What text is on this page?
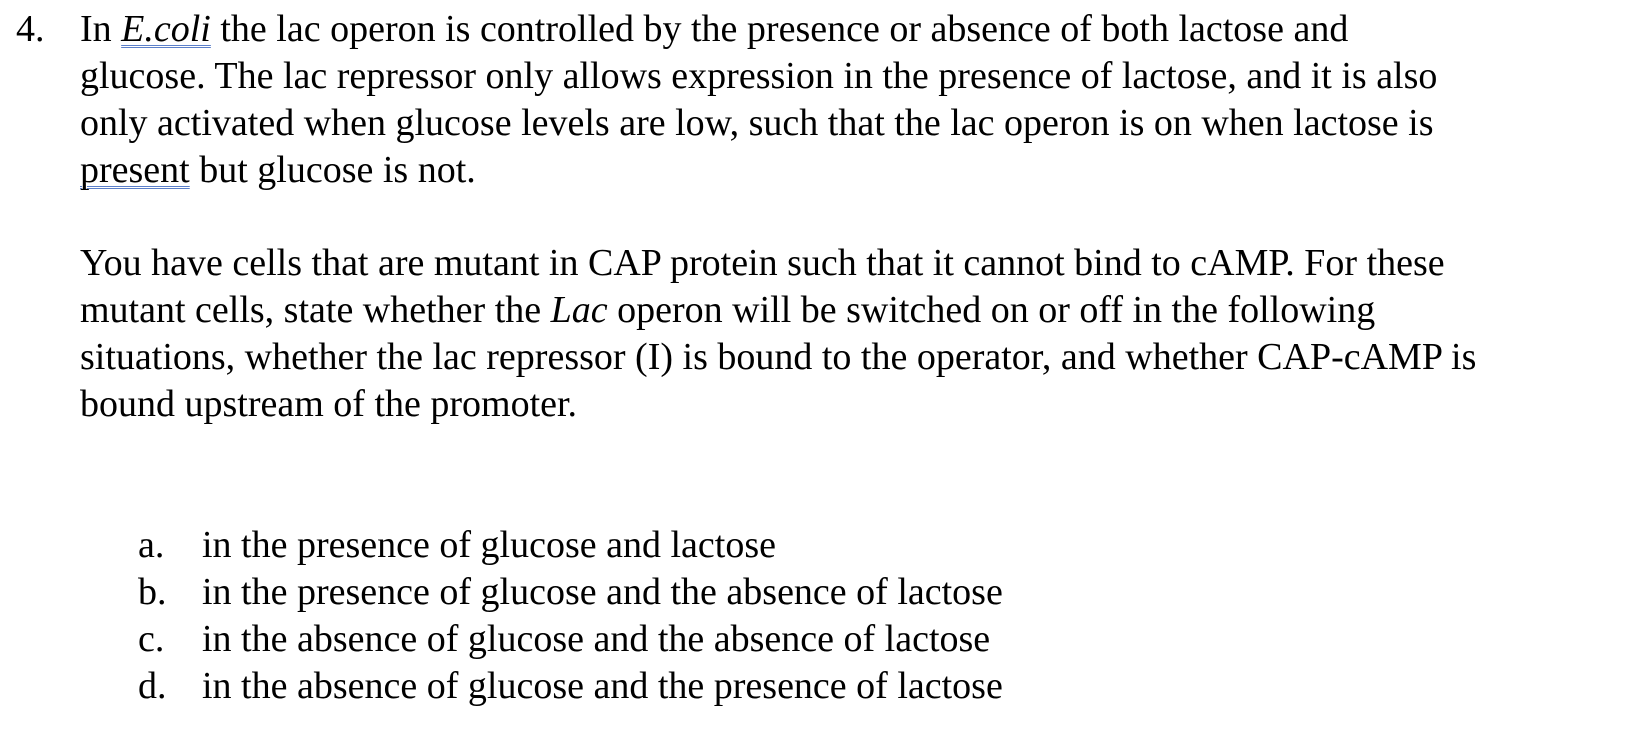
4. In E.coli the lac operon is controlled by the presence or absence of both lactose and
glucose. The lac repressor only allows expression in the presence of lactose, and it is also
only activated when glucose levels are low, such that the lac operon is on when lactose is
present but glucose is not.
You have cells that are mutant in CAP protein such that it cannot bind to cAMP. For these
mutant cells, state whether the Lac operon will be switched on or off in the following
situations, whether the lac repressor (I) is bound to the operator, and whether CAP-cAMP is
bound upstream of the promoter.
a. in the presence of glucose and lactose
b. in the presence of glucose and the absence of lactose
c. in the absence of glucose and the absence of lactose
d. in the absence of glucose and the presence of lactose
